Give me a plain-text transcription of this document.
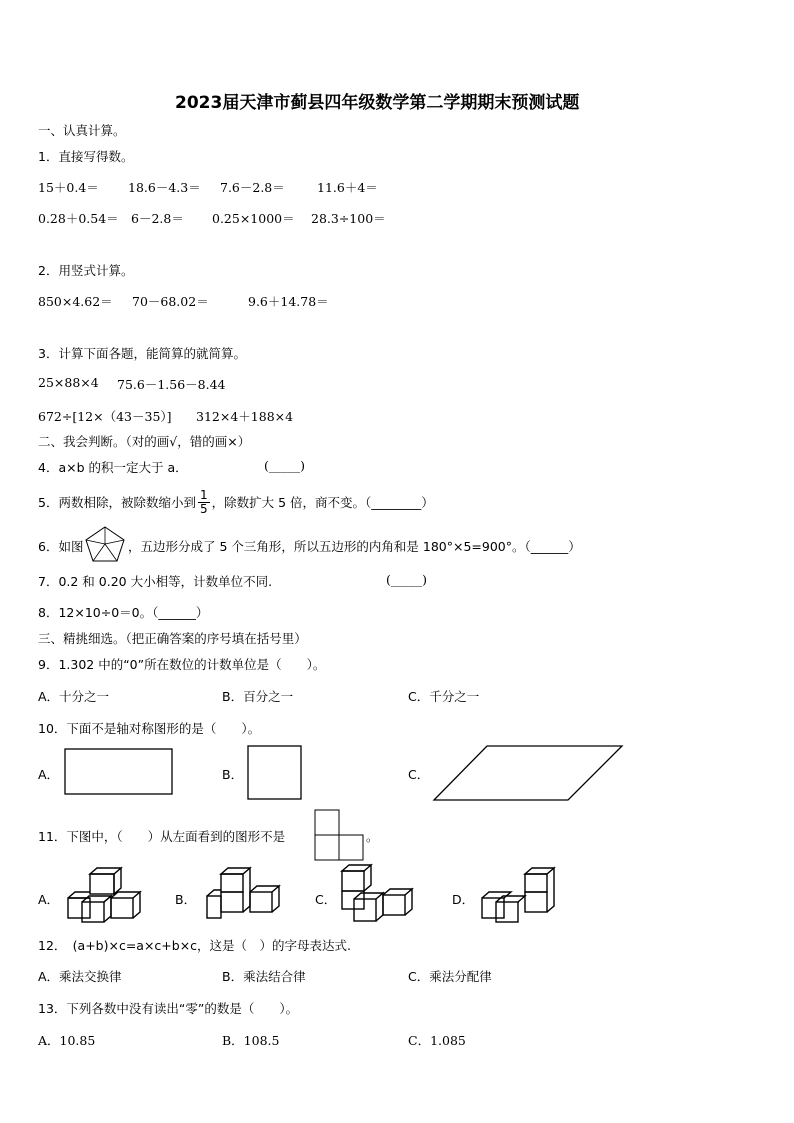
2023届天津市蓟县四年级数学第二学期期末预测试题
一、认真计算。
1．直接写得数。
15＋0.4＝ 18.6－4.3＝ 7.6－2.8＝	11.6＋4＝
0.28＋0.54＝ 6－2.8＝ 0.25×1000＝ 28.3÷100＝
2．用竖式计算。
850×4.62＝ 70－68.02＝	9.6＋14.78＝
3．计算下面各题，能简算的就简算。
25×88×4 75.6－1.56－8.44
672÷[12×（43－35）] 312×4＋188×4
二、我会判断。（对的画√，错的画×）
4．a×b 的积一定大于 a．	(_____)
5．两数相除，被除数缩小到 $\frac{1}{5}$ ，除数扩大 5 倍，商不变。（________）
6．如图	，五边形分成了 5 个三角形，所以五边形的内角和是 180°×5=900°。（______）
7．0.2 和 0.20 大小相等，计数单位不同.	(_____)
8．12×10÷0＝0。（______）
三、精挑细选。（把正确答案的序号填在括号里）
9．1.302 中的“0”所在数位的计数单位是（　　）。
A．十分之一	B．百分之一	C．千分之一
10．下面不是轴对称图形的是（　　）。
A．	B．	C．
11．下图中，（　　）从左面看到的图形不是	。
A．	B．	C．	D．
12．　(a+b)×c=a×c+b×c，这是（　）的字母表达式.
A．乘法交换律	B．乘法结合律	C．乘法分配律
13．下列各数中没有读出“零”的数是（　　）。
A．10.85	B．108.5	C．1.085
